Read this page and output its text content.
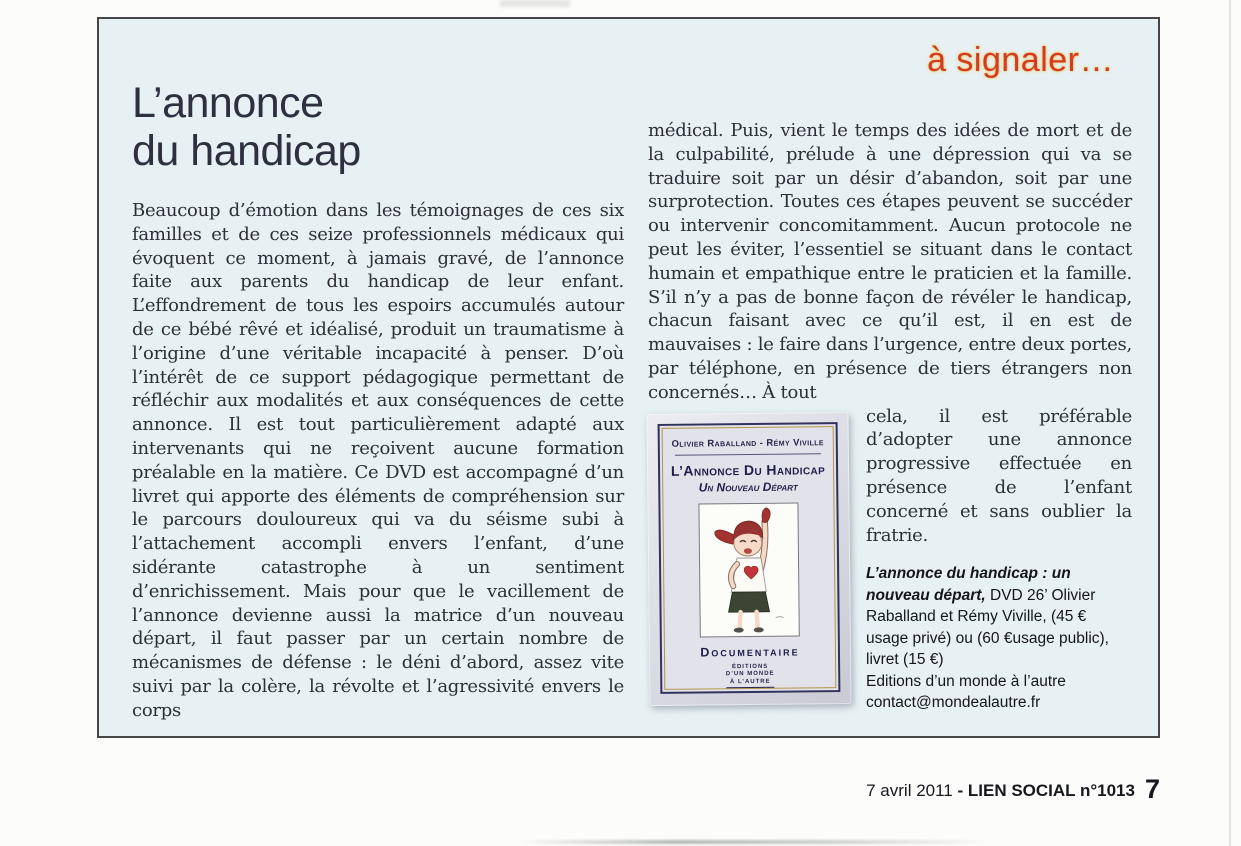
à signaler…
L’annonce
du handicap

Beaucoup d’émotion dans les témoignages de ces six familles et de ces seize professionnels médicaux qui évoquent ce moment, à jamais gravé, de l’annonce faite aux parents du handicap de leur enfant. L’effondrement de tous les espoirs accumulés autour de ce bébé rêvé et idéalisé, produit un traumatisme à l’origine d’une véritable incapacité à penser. D’où l’intérêt de ce support pédagogique permettant de réfléchir aux modalités et aux conséquences de cette annonce. Il est tout particulièrement adapté aux intervenants qui ne reçoivent aucune formation préalable en la matière. Ce DVD est accompagné d’un livret qui apporte des éléments de compréhension sur le parcours douloureux qui va du séisme subi à l’attachement accompli envers l’enfant, d’une sidérante catastrophe à un sentiment d’enrichissement. Mais pour que le vacillement de l’annonce devienne aussi la matrice d’un nouveau départ, il faut passer par un certain nombre de mécanismes de défense : le déni d’abord, assez vite suivi par la colère, la révolte et l’agressivité envers le corps

médical. Puis, vient le temps des idées de mort et de la culpabilité, prélude à une dépression qui va se traduire soit par un désir d’abandon, soit par une surprotection. Toutes ces étapes peuvent se succéder ou intervenir concomitamment. Aucun protocole ne peut les éviter, l’essentiel se situant dans le contact humain et empathique entre le praticien et la famille. S’il n’y a pas de bonne façon de révéler le handicap, chacun faisant avec ce qu’il est, il en est de mauvaises : le faire dans l’urgence, entre deux portes, par téléphone, en présence de tiers étrangers non concernés… À tout

Olivier Raballand - Rémy Viville
L’Annonce Du Handicap
Un Nouveau Départ
Documentaire
ÉDITIONS
D’UN MONDE
À L’AUTRE

cela, il est préférable d’adopter une annonce progressive effectuée en présence de l’enfant concerné et sans oublier la fratrie.

L’annonce du handicap : un nouveau départ, DVD 26’ Olivier Raballand et Rémy Viville, (45 € usage privé) ou (60 €usage public), livret (15 €)
Editions d’un monde à l’autre
contact@mondealautre.fr
7 avril 2011 - LIEN SOCIAL n°1013 7
